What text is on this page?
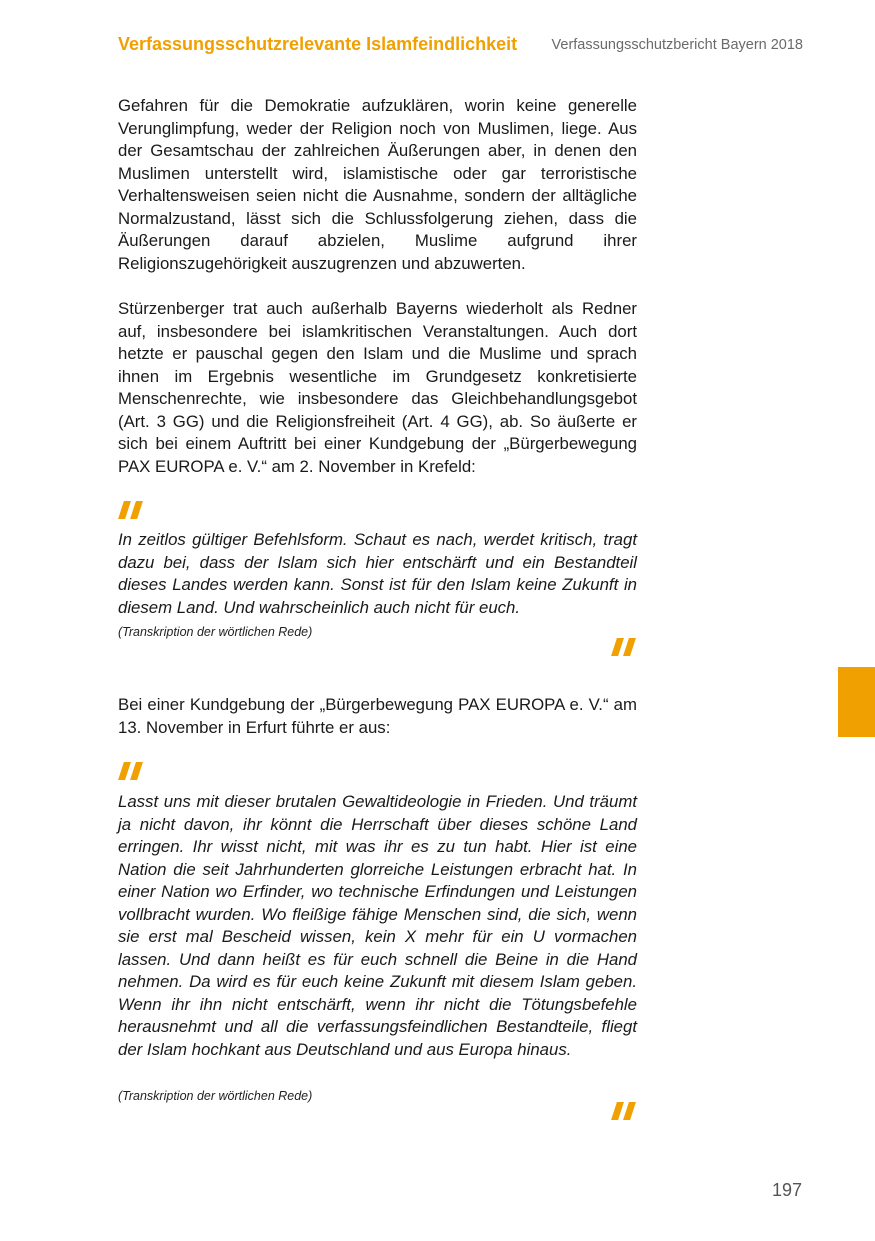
Verfassungsschutzrelevante Islamfeindlichkeit Verfassungsschutzbericht Bayern 2018

Gefahren für die Demokratie aufzuklären, worin keine generelle Verunglimpfung, weder der Religion noch von Muslimen, liege. Aus der Gesamtschau der zahlreichen Äußerungen aber, in denen den Muslimen unterstellt wird, islamistische oder gar terroristische Verhaltensweisen seien nicht die Ausnahme, sondern der alltägliche Normalzustand, lässt sich die Schlussfolgerung ziehen, dass die Äußerungen darauf abzielen, Muslime aufgrund ihrer Religionszugehörigkeit auszugrenzen und abzuwerten.

Stürzenberger trat auch außerhalb Bayerns wiederholt als Redner auf, insbesondere bei islamkritischen Veranstaltungen. Auch dort hetzte er pauschal gegen den Islam und die Muslime und sprach ihnen im Ergebnis wesentliche im Grundgesetz konkretisierte Menschenrechte, wie insbesondere das Gleichbehandlungsgebot (Art. 3 GG) und die Religionsfreiheit (Art. 4 GG), ab. So äußerte er sich bei einem Auftritt bei einer Kundgebung der „Bürgerbewegung PAX EUROPA e. V.“ am 2. November in Krefeld:

In zeitlos gültiger Befehlsform. Schaut es nach, werdet kritisch, tragt dazu bei, dass der Islam sich hier entschärft und ein Bestandteil dieses Landes werden kann. Sonst ist für den Islam keine Zukunft in diesem Land. Und wahrscheinlich auch nicht für euch.

(Transkription der wörtlichen Rede)

Bei einer Kundgebung der „Bürgerbewegung PAX EUROPA e. V.“ am 13. November in Erfurt führte er aus:

Lasst uns mit dieser brutalen Gewaltideologie in Frieden. Und träumt ja nicht davon, ihr könnt die Herrschaft über dieses schöne Land erringen. Ihr wisst nicht, mit was ihr es zu tun habt. Hier ist eine Nation die seit Jahrhunderten glorreiche Leistungen erbracht hat. In einer Nation wo Erfinder, wo technische Erfindungen und Leistungen vollbracht wurden. Wo fleißige fähige Menschen sind, die sich, wenn sie erst mal Bescheid wissen, kein X mehr für ein U vormachen lassen. Und dann heißt es für euch schnell die Beine in die Hand nehmen. Da wird es für euch keine Zukunft mit diesem Islam geben. Wenn ihr ihn nicht entschärft, wenn ihr nicht die Tötungsbefehle herausnehmt und all die verfassungsfeindlichen Bestandteile, fliegt der Islam hochkant aus Deutschland und aus Europa hinaus.

(Transkription der wörtlichen Rede)

197
